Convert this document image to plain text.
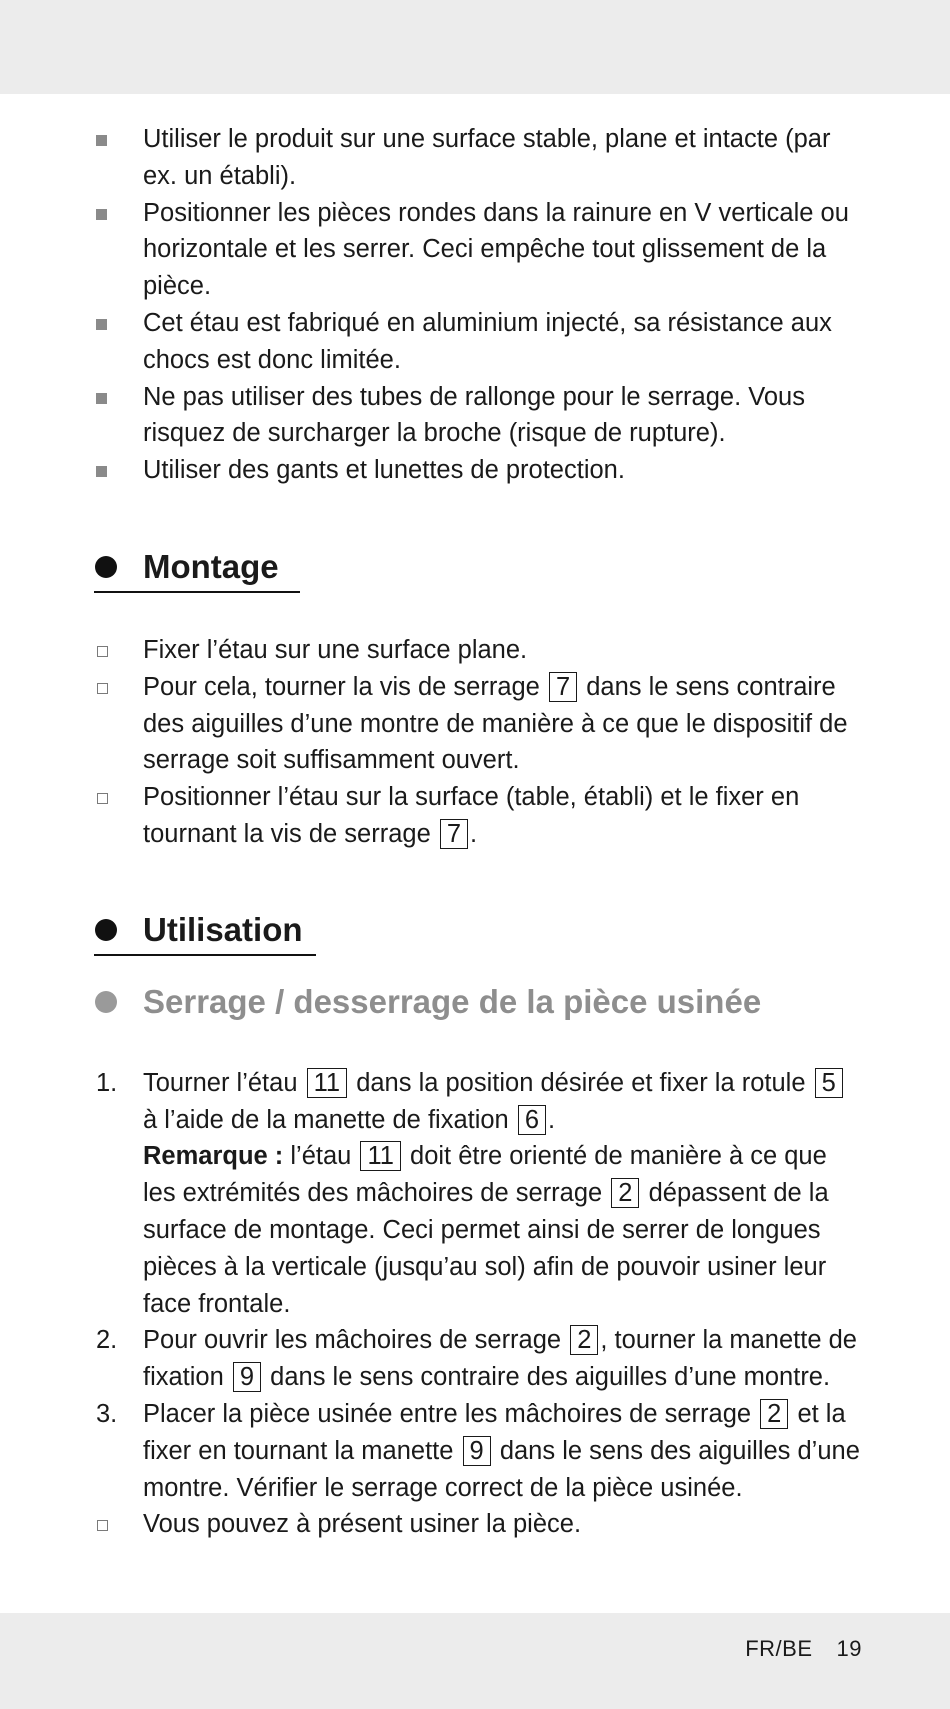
Utiliser le produit sur une surface stable, plane et intacte (par ex. un établi).
Positionner les pièces rondes dans la rainure en V verticale ou horizontale et les serrer. Ceci empêche tout glissement de la pièce.
Cet étau est fabriqué en aluminium injecté, sa résistance aux chocs est donc limitée.
Ne pas utiliser des tubes de rallonge pour le serrage. Vous risquez de surcharger la broche (risque de rupture).
Utiliser des gants et lunettes de protection.
Montage
Fixer l’étau sur une surface plane.
Pour cela, tourner la vis de serrage 7 dans le sens contraire des aiguilles d’une montre de manière à ce que le dispositif de serrage soit suffisamment ouvert.
Positionner l’étau sur la surface (table, établi) et le fixer en tournant la vis de serrage 7 .
Utilisation
Serrage / desserrage de la pièce usinée
1.	Tourner l’étau 11 dans la position désirée et fixer la rotule 5 à l’aide de la manette de fixation 6 .
Remarque : l’étau 11 doit être orienté de manière à ce que les extrémités des mâchoires de serrage 2 dépassent de la surface de montage. Ceci permet ainsi de serrer de longues pièces à la verticale (jusqu’au sol) afin de pouvoir usiner leur face frontale.
2.	Pour ouvrir les mâchoires de serrage 2 , tourner la manette de fixation 9 dans le sens contraire des aiguilles d’une montre.
3.	Placer la pièce usinée entre les mâchoires de serrage 2 et la fixer en tournant la manette 9 dans le sens des aiguilles d’une montre. Vérifier le serrage correct de la pièce usinée.
Vous pouvez à présent usiner la pièce.
FR/BE 19
